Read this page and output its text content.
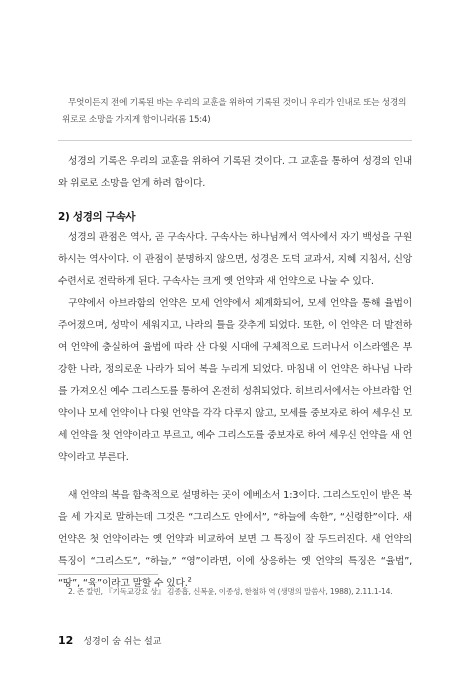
무엇이든지 전에 기록된 바는 우리의 교훈을 위하여 기록된 것이니 우리가 인내로 또는 성경의 위로로 소망을 가지게 함이니라(롬 15:4)

성경의 기록은 우리의 교훈을 위하여 기록된 것이다. 그 교훈을 통하여 성경의 인내와 위로로 소망을 얻게 하려 함이다.

2) 성경의 구속사

성경의 관점은 역사, 곧 구속사다. 구속사는 하나님께서 역사에서 자기 백성을 구원하시는 역사이다. 이 관점이 분명하지 않으면, 성경은 도덕 교과서, 지혜 지침서, 신앙 수련서로 전락하게 된다. 구속사는 크게 옛 언약과 새 언약으로 나눌 수 있다.

구약에서 아브라함의 언약은 모세 언약에서 체계화되어, 모세 언약을 통해 율법이 주어졌으며, 성막이 세워지고, 나라의 틀을 갖추게 되었다. 또한, 이 언약은 더 발전하여 언약에 충실하여 율법에 따라 산 다윗 시대에 구체적으로 드러나서 이스라엘은 부강한 나라, 정의로운 나라가 되어 복을 누리게 되었다. 마침내 이 언약은 하나님 나라를 가져오신 예수 그리스도를 통하여 온전히 성취되었다. 히브리서에서는 아브라함 언약이나 모세 언약이나 다윗 언약을 각각 다루지 않고, 모세를 중보자로 하여 세우신 모세 언약을 첫 언약이라고 부르고, 예수 그리스도를 중보자로 하여 세우신 언약을 새 언약이라고 부른다.

새 언약의 복을 함축적으로 설명하는 곳이 에베소서 1:3이다. 그리스도인이 받은 복을 세 가지로 말하는데 그것은 “그리스도 안에서”, “하늘에 속한”, “신령한”이다. 새 언약은 첫 언약이라는 옛 언약과 비교하여 보면 그 특징이 잘 두드러진다. 새 언약의 특징이 “그리스도”, “하늘,” “영”이라면, 이에 상응하는 옛 언약의 특징은 “율법”, “땅”, “육”이라고 말할 수 있다.$^2$

2. 존 칼빈, 『기독교강요 상』 김종흡, 신복윤, 이종성, 한철하 역 (생명의 말씀사, 1988), 2.11.1-14.

12 성경이 숨 쉬는 설교
